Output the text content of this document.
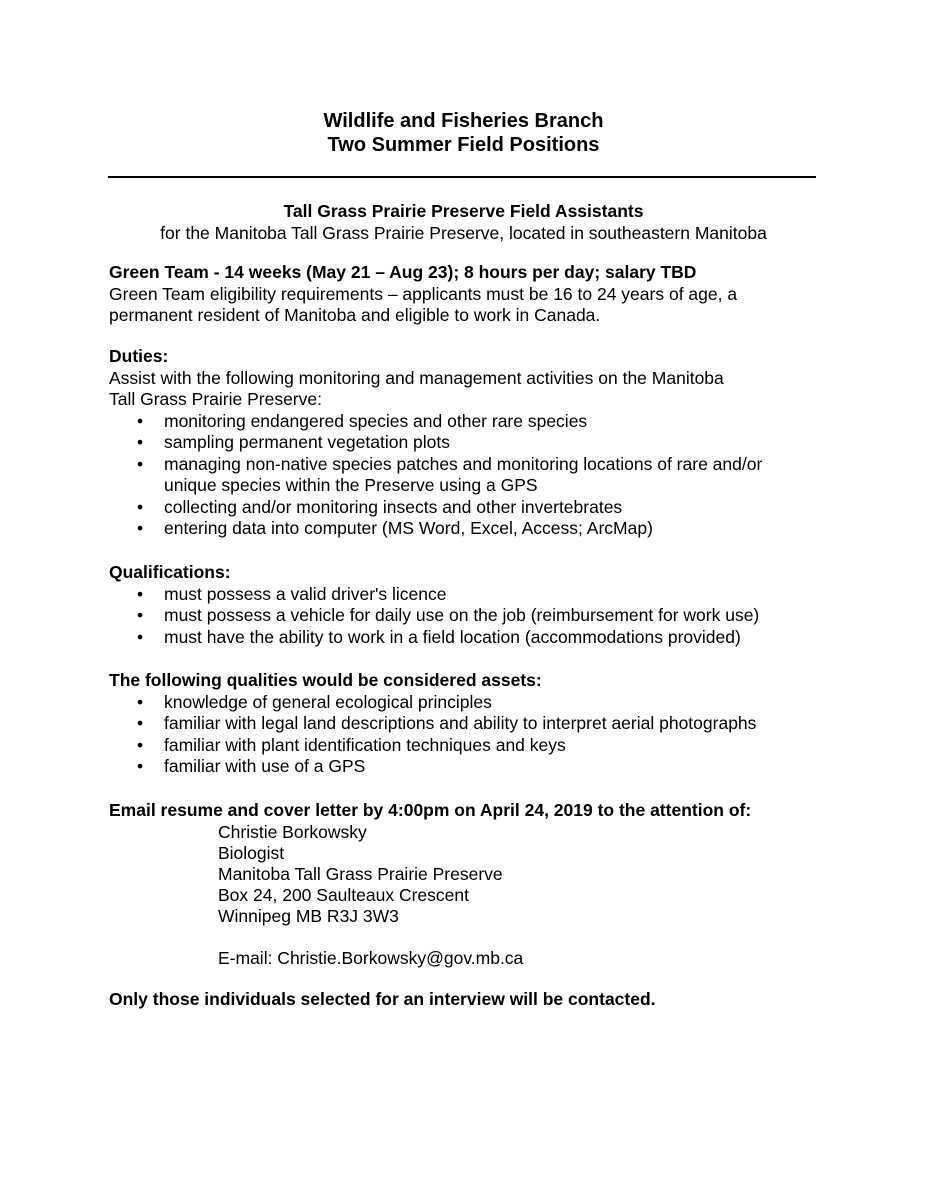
Wildlife and Fisheries Branch
Two Summer Field Positions
Tall Grass Prairie Preserve Field Assistants
for the Manitoba Tall Grass Prairie Preserve, located in southeastern Manitoba
Green Team - 14 weeks (May 21 – Aug 23); 8 hours per day; salary TBD
Green Team eligibility requirements – applicants must be 16 to 24 years of age, a
permanent resident of Manitoba and eligible to work in Canada.
Duties:
Assist with the following monitoring and management activities on the Manitoba
Tall Grass Prairie Preserve:
• monitoring endangered species and other rare species
• sampling permanent vegetation plots
• managing non-native species patches and monitoring locations of rare and/or unique species within the Preserve using a GPS
• collecting and/or monitoring insects and other invertebrates
• entering data into computer (MS Word, Excel, Access; ArcMap)
Qualifications:
• must possess a valid driver's licence
• must possess a vehicle for daily use on the job (reimbursement for work use)
• must have the ability to work in a field location (accommodations provided)
The following qualities would be considered assets:
• knowledge of general ecological principles
• familiar with legal land descriptions and ability to interpret aerial photographs
• familiar with plant identification techniques and keys
• familiar with use of a GPS
Email resume and cover letter by 4:00pm on April 24, 2019 to the attention of:
Christie Borkowsky
Biologist
Manitoba Tall Grass Prairie Preserve
Box 24, 200 Saulteaux Crescent
Winnipeg MB R3J 3W3
E-mail: Christie.Borkowsky@gov.mb.ca
Only those individuals selected for an interview will be contacted.
